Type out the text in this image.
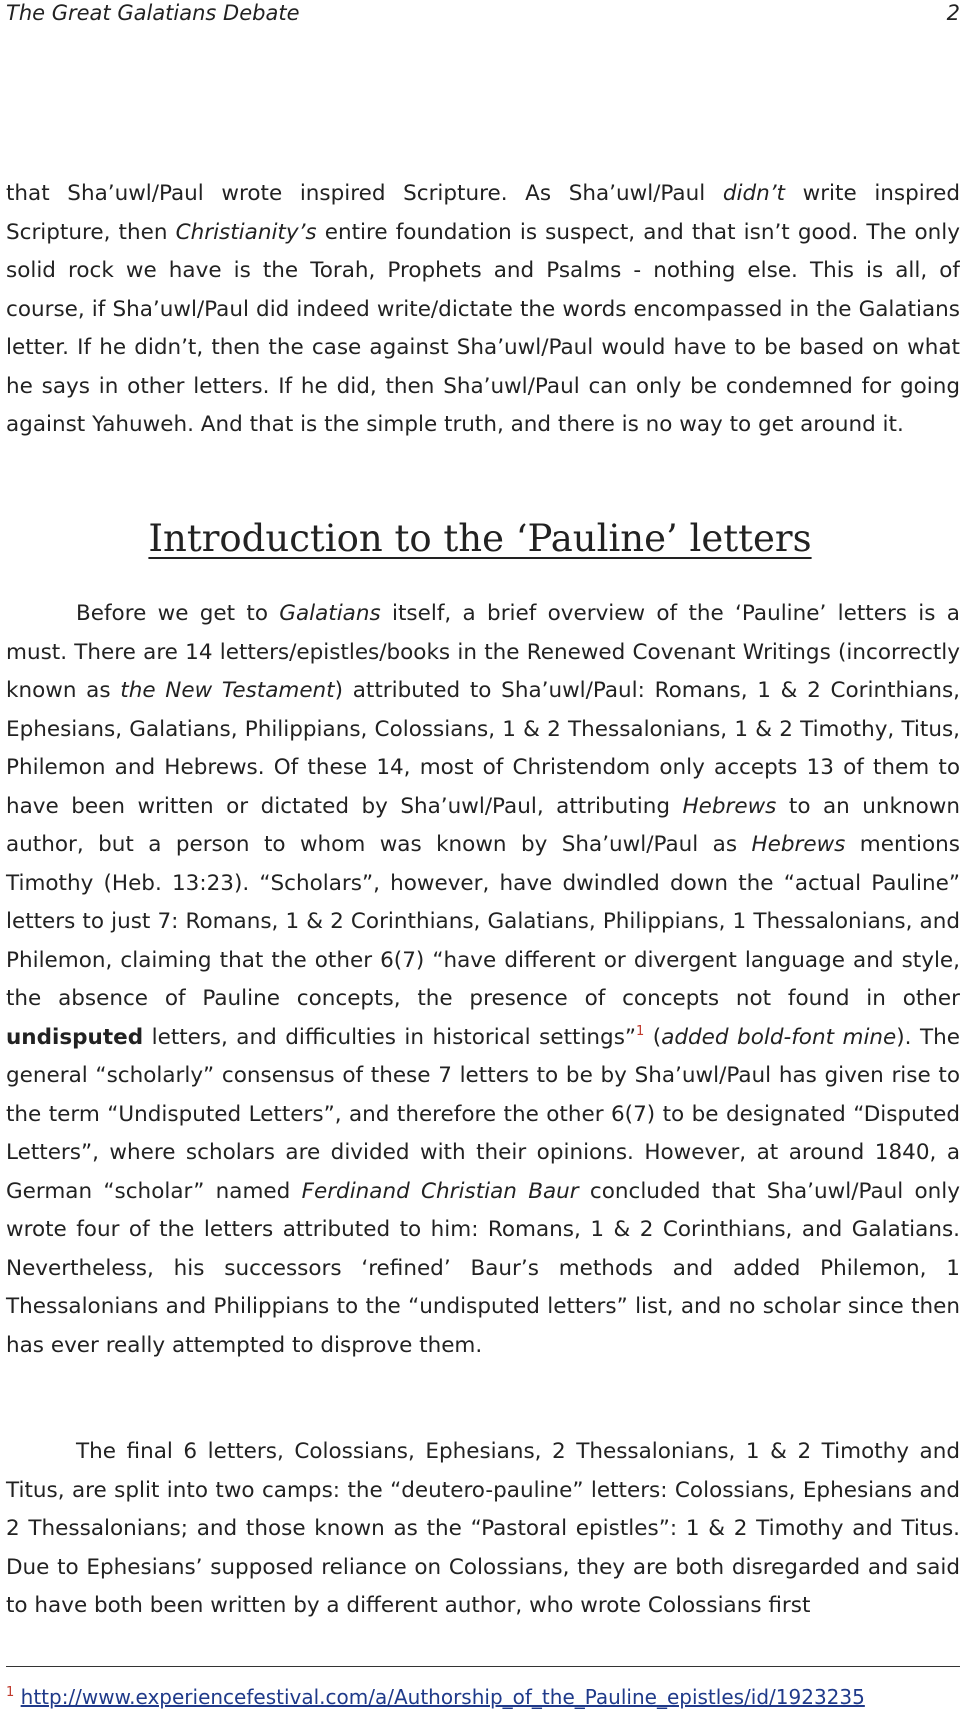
The Great Galatians Debate	2

that Sha’uwl/Paul wrote inspired Scripture. As Sha’uwl/Paul didn’t write inspired Scripture, then Christianity’s entire foundation is suspect, and that isn’t good. The only solid rock we have is the Torah, Prophets and Psalms - nothing else. This is all, of course, if Sha’uwl/Paul did indeed write/dictate the words encompassed in the Galatians letter. If he didn’t, then the case against Sha’uwl/Paul would have to be based on what he says in other letters. If he did, then Sha’uwl/Paul can only be condemned for going against Yahuweh. And that is the simple truth, and there is no way to get around it.

Introduction to the ‘Pauline’ letters

Before we get to Galatians itself, a brief overview of the ‘Pauline’ letters is a must. There are 14 letters/epistles/books in the Renewed Covenant Writings (incorrectly known as the New Testament) attributed to Sha’uwl/Paul: Romans, 1 & 2 Corinthians, Ephesians, Galatians, Philippians, Colossians, 1 & 2 Thessalonians, 1 & 2 Timothy, Titus, Philemon and Hebrews. Of these 14, most of Christendom only accepts 13 of them to have been written or dictated by Sha’uwl/Paul, attributing Hebrews to an unknown author, but a person to whom was known by Sha’uwl/Paul as Hebrews mentions Timothy (Heb. 13:23). “Scholars”, however, have dwindled down the “actual Pauline” letters to just 7: Romans, 1 & 2 Corinthians, Galatians, Philippians, 1 Thessalonians, and Philemon, claiming that the other 6(7) “have different or divergent language and style, the absence of Pauline concepts, the presence of concepts not found in other undisputed letters, and difficulties in historical settings”$^1$ (added bold-font mine). The general “scholarly” consensus of these 7 letters to be by Sha’uwl/Paul has given rise to the term “Undisputed Letters”, and therefore the other 6(7) to be designated “Disputed Letters”, where scholars are divided with their opinions. However, at around 1840, a German “scholar” named Ferdinand Christian Baur concluded that Sha’uwl/Paul only wrote four of the letters attributed to him: Romans, 1 & 2 Corinthians, and Galatians. Nevertheless, his successors ‘refined’ Baur’s methods and added Philemon, 1 Thessalonians and Philippians to the “undisputed letters” list, and no scholar since then has ever really attempted to disprove them.

The final 6 letters, Colossians, Ephesians, 2 Thessalonians, 1 & 2 Timothy and Titus, are split into two camps: the “deutero-pauline” letters: Colossians, Ephesians and 2 Thessalonians; and those known as the “Pastoral epistles”: 1 & 2 Timothy and Titus. Due to Ephesians’ supposed reliance on Colossians, they are both disregarded and said to have both been written by a different author, who wrote Colossians first

$^1$ http://www.experiencefestival.com/a/Authorship_of_the_Pauline_epistles/id/1923235
